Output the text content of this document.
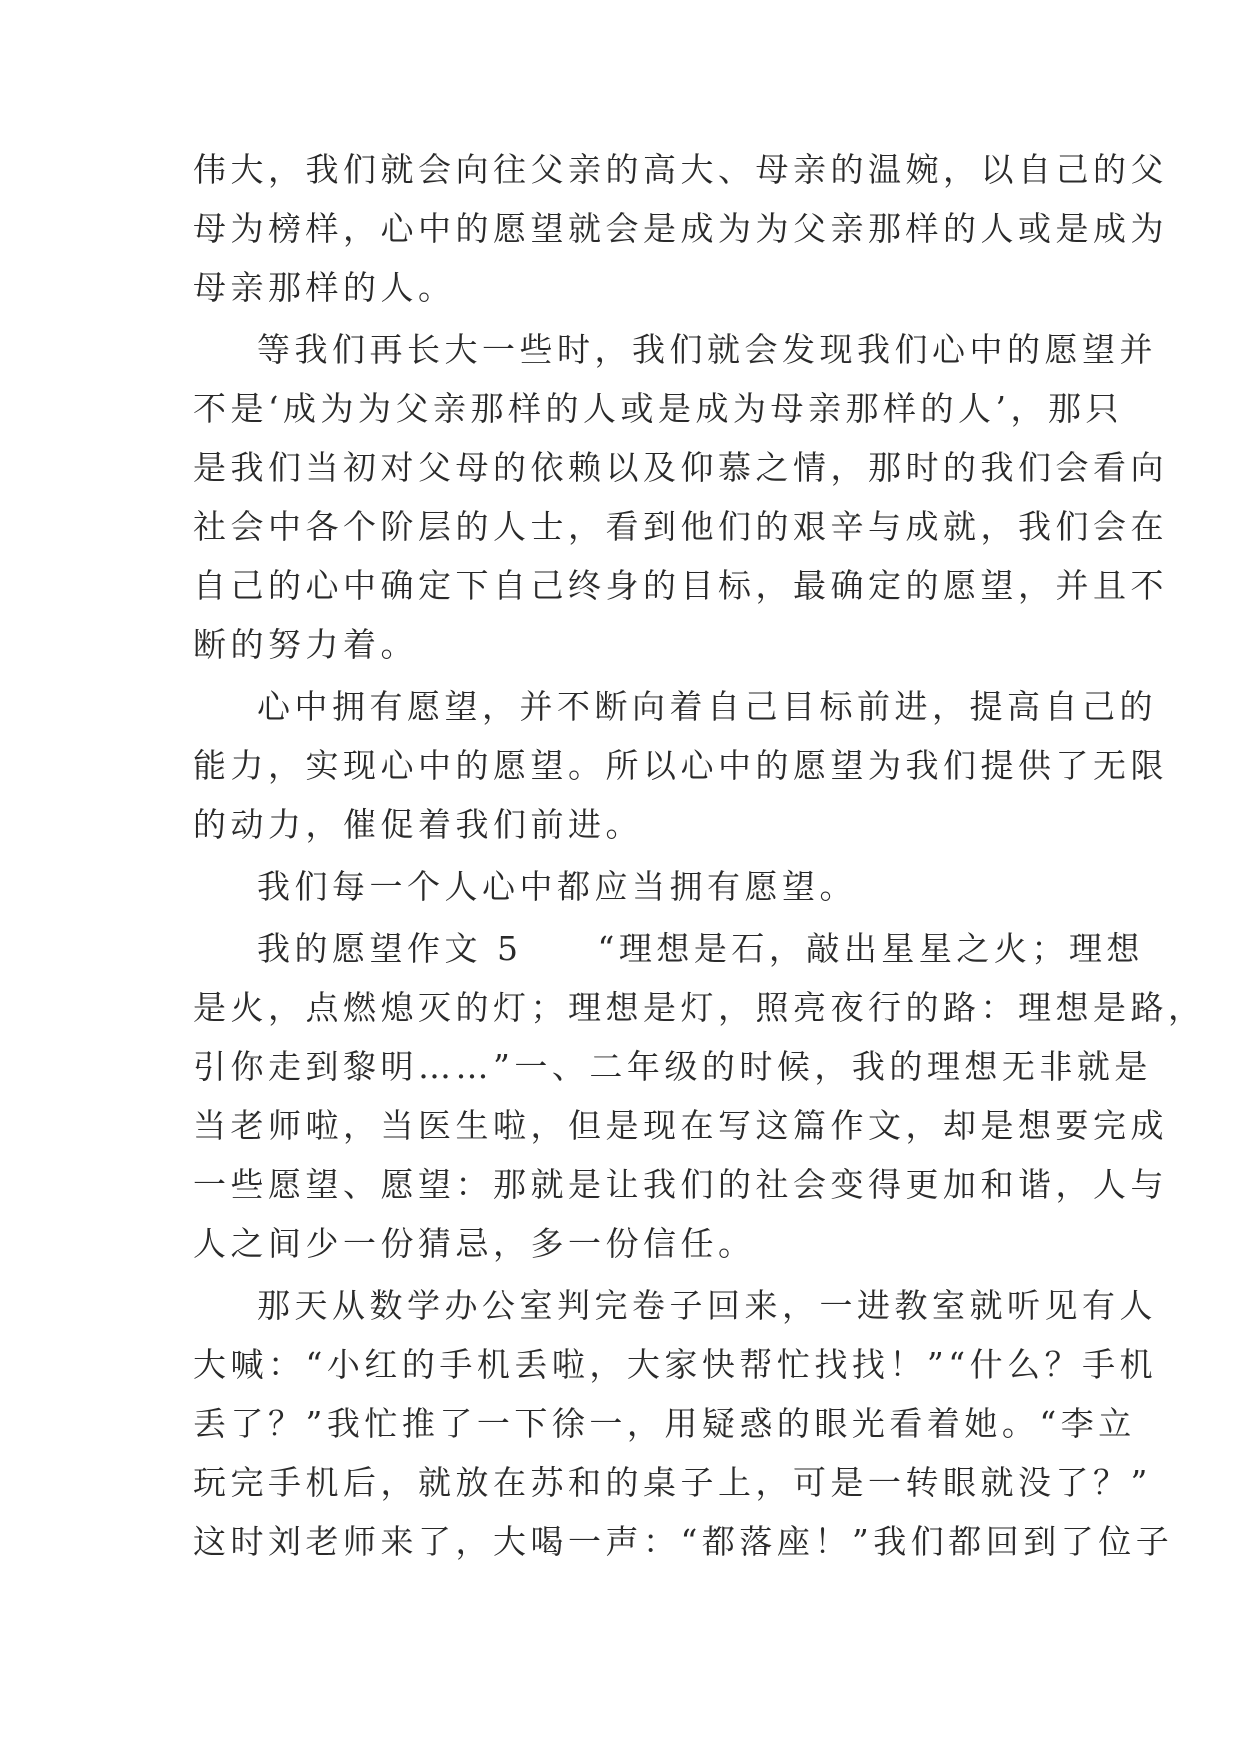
伟大，我们就会向往父亲的高大、母亲的温婉，以自己的父
母为榜样，心中的愿望就会是成为为父亲那样的人或是成为
母亲那样的人。
等我们再长大一些时，我们就会发现我们心中的愿望并
不是‘成为为父亲那样的人或是成为母亲那样的人’，那只
是我们当初对父母的依赖以及仰慕之情，那时的我们会看向
社会中各个阶层的人士，看到他们的艰辛与成就，我们会在
自己的心中确定下自己终身的目标，最确定的愿望，并且不
断的努力着。
心中拥有愿望，并不断向着自己目标前进，提高自己的
能力，实现心中的愿望。所以心中的愿望为我们提供了无限
的动力，催促着我们前进。
我们每一个人心中都应当拥有愿望。
我的愿望作文 5　　“理想是石，敲出星星之火；理想
是火，点燃熄灭的灯；理想是灯，照亮夜行的路：理想是路，
引你走到黎明……”一、二年级的时候，我的理想无非就是
当老师啦，当医生啦，但是现在写这篇作文，却是想要完成
一些愿望、愿望：那就是让我们的社会变得更加和谐，人与
人之间少一份猜忌，多一份信任。
那天从数学办公室判完卷子回来，一进教室就听见有人
大喊：“小红的手机丢啦，大家快帮忙找找！”“什么？手机
丢了？”我忙推了一下徐一，用疑惑的眼光看着她。“李立
玩完手机后，就放在苏和的桌子上，可是一转眼就没了？”
这时刘老师来了，大喝一声：“都落座！”我们都回到了位子
